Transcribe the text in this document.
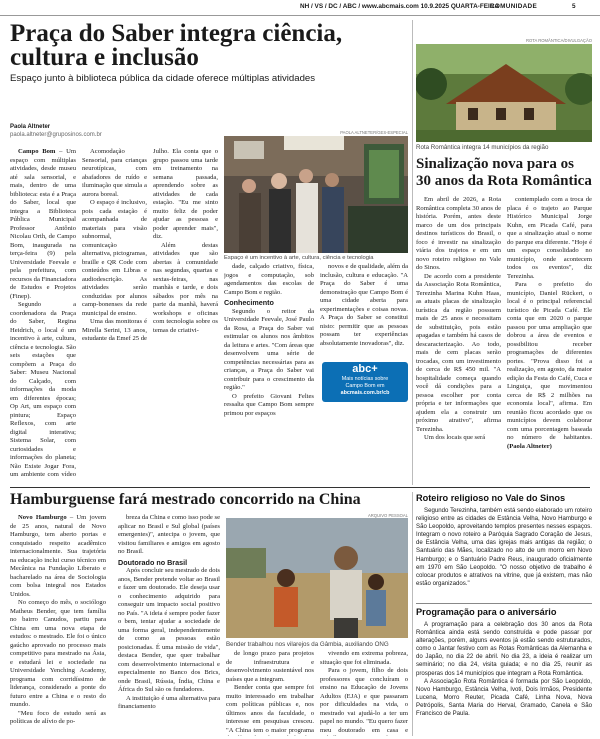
NH / VS / DC / ABC / www.abcmais.com 10.9.2025 QUARTA-FEIRA
COMUNIDADE	5
Praça do Saber integra ciência, cultura e inclusão
Espaço junto à biblioteca pública da cidade oferece múltiplas atividades
Paola Altneter
paola.altneter@gruposinos.com.br	PAOLA ALTNETER/GES-ESPECIAL
Espaço é um incentivo à arte, cultura, ciência e tecnologia

Campo Bom – Um espaço com múltiplas atividades, desde museu até sala sensorial, e mais, dentro de uma biblioteca: esta é a Praça do Saber, local que integra a Biblioteca Pública Municipal Professor Antônio Nicolau Orth, de Campo Bom, inaugurada na terça-feira (9) pela Universidade Feevale e pela prefeitura, com recursos da Financiadora de Estudos e Projetos (Finep).

Segundo a coordenadora da Praça do Saber, Regina Heidrich, o local é um incentivo à arte, cultura, ciência e tecnologia. São seis estações que compõem a Praça do Saber: Museu Nacional do Calçado, com informações da moda em diferentes épocas; Op Art, um espaço com pintura; Espaço Reflexos, com arte digital interativa; Sistema Solar, com curiosidades e informações do planeta; Não Existe Jogar Fora, um ambiente com vídeo

Acomodação Sensorial, para crianças neurotípicas, com abafadores de ruído e iluminação que simula a aurora boreal.

O espaço é inclusivo, pois cada estação é acompanhada de materiais para visão subnormal, comunicação alternativa, pictogramas, braille e QR Code com conteúdos em Libras e audiodescrição. As atividades serão conduzidas por alunos camp-bonenses da rede municipal de ensino.

Uma das monitoras é Mirella Serini, 13 anos, estudante da Emef 25 de Julho. Ela conta que o grupo passou uma tarde em treinamento na semana passada, aprendendo sobre as atividades de cada estação. "Eu me sinto muito feliz de poder ajudar as pessoas e poder aprender mais", diz.

Além destas atividades que são abertas à comunidade nas segundas, quartas e sextas-feiras, nas manhãs e tarde, e dois sábados por mês na parte da manhã, haverá workshops e oficinas com tecnologia sobre os temas de criativi-

dade, calçado criativo, física, jogos e computação, sob agendamentos das escolas de Campo Bom e região.

Conhecimento

Segundo o reitor da Universidade Feevale, José Paulo da Rosa, a Praça do Saber vai estimular os alunos nos âmbitos da leitura e artes. "Com áreas que desenvolvem uma série de competências necessárias para as crianças, a Praça do Saber vai contribuir para o crescimento da região."

O prefeito Giovani Feltes ressalta que Campo Bom sempre primou por espaços

novos e de qualidade, além da inclusão, cultura e educação. "A Praça do Saber é uma demonstração que Campo Bom é uma cidade aberta para experimentações e coisas novas. A Praça do Saber se constitui nisto: permitir que as pessoas possam ter experiências absolutamente inovadoras", diz.

abc+
Mais notícias sobre
Campo Bom em
abcmais.com.br/cb
ROTA ROMÂNTICA/DIVULGAÇÃO
Rota Romântica integra 14 municípios da região
Sinalização nova para os 30 anos da Rota Romântica

Em abril de 2026, a Rota Romântica completa 30 anos de história. Porém, antes deste marco de um dos principais destinos turísticos do Brasil, o foco é investir na sinalização viária dos trajetos e em um novo roteiro religioso no Vale do Sinos.

De acordo com a presidente da Associação Rota Romântica, Terezinha Marina Kuhn Haas, as atuais placas de sinalização turística da região possuem mais de 25 anos e necessitam de substituição, pois estão apagadas e também há casos de descaracterização. Ao todo, mais de cem placas serão trocadas, com um investimento de cerca de R$ 450 mil. "A hospitalidade começa quando você dá condições para a pessoa escolher por conta própria e ter informações que ajudem ela a construir um próximo atrativo", afirma Terezinha.

Um dos locais que será

contemplado com a troca de placa é o trajeto ao Parque Histórico Municipal Jorge Kuhn, em Picada Café, para que a sinalização atual o nome do parque era diferente. "Hoje é um espaço consolidado no município, onde acontecem todos os eventos", diz Terezinha.

Para o prefeito do município, Daniel Rückert, o local é o principal referencial turístico de Picada Café. Ele conta que em 2020 o parque passou por uma ampliação que dobrou a área de eventos e possibilitou receber programações de diferentes portes. "Prova disso foi a realização, em agosto, da maior edição da Festa do Café, Cuca e Linguiça, que movimentou cerca de R$ 2 milhões na economia local", afirma. Em reunião ficou acordado que os municípios devem colaborar com uma porcentagem baseada no número de habitantes. (Paola Altneter)

Hamburguense fará mestrado concorrido na China
ARQUIVO PESSOAL
Bender trabalhou nos vilarejos da Gâmbia, auxiliando ONG

Novo Hamburgo – Um jovem de 25 anos, natural de Novo Hamburgo, tem aberto portas e conquistado respeito acadêmico internacionalmente. Sua trajetória na educação inclui curso técnico em Mecânica na Fundação Liberato e bacharelado na área de Sociologia com bolsa integral nos Estados Unidos.

No começo do mês, o sociólogo Matheus Bender, que tem família no bairro Canudos, partiu para China em uma nova etapa de estudos: o mestrado. Ele foi o único gaúcho aprovado no processo mais competitivo para mestrado na Ásia, e estudará lei e sociedade na Universidade Yenching Academy, programa com corridíssimo de liderança, considerado a ponte do futuro entre a China e o resto do mundo.

"Meu foco de estudo será as políticas de alívio de po-

breza da China e como isso pode se aplicar no Brasil e Sul global (países emergentes)", antecipa o jovem, que visitou familiares e amigos em agosto no Brasil.

Doutorado no Brasil

Após concluir seu mestrado de dois anos, Bender pretende voltar ao Brasil e fazer um doutorado. Ele deseja usar o conhecimento adquirido para conseguir um impacto social positivo no País. "A ideia é sempre poder fazer o bem, tentar ajudar a sociedade de uma forma geral, independentemente de como as pessoas estão posicionadas. É uma missão de vida", destaca Bender, que quer trabalhar com desenvolvimento internacional e especialmente no Banco dos Brics, onde Brasil, Rússia, Índia, China e África do Sul são os fundadores.

A instituição é uma alternativa para financiamento

de longo prazo para projetos de infraestrutura e desenvolvimento sustentável nos países que a integram.

Bender conta que sempre foi muito interessado em trabalhar com políticas públicas e, nos últimos anos da faculdade, o interesse em pesquisas cresceu. "A China tem o maior programa

vivendo em extrema pobreza, situação que foi eliminada.

Para o jovem, filho de dois professores que concluíram o ensino na Educação de Jovens Adultos (EJA) e que passaram por dificuldades na vida, o mestrado vai ajudá-lo a ter um papel no mundo. "Eu quero fazer meu doutorado em casa e

Roteiro religioso no Vale do Sinos

Segundo Terezinha, também está sendo elaborado um roteiro religioso entre as cidades de Estância Velha, Novo Hamburgo e São Leopoldo, aproveitando templos presentes nesses espaços. Integram o novo roteiro a Paróquia Sagrado Coração de Jesus, de Estância Velha, uma das igrejas mais antigas da região; o Santuário das Mães, localizado no alto de um morro em Novo Hamburgo; e o Santuário Padre Reus, inaugurado oficialmente em 1970 em São Leopoldo. "O nosso objetivo de trabalho é colocar produtos e atrativos na vitrine, que já existem, mas não estão organizados."

Programação para o aniversário

A programação para a celebração dos 30 anos da Rota Romântica ainda está sendo construída e pode passar por alterações, porém, alguns eventos já estão sendo estruturados, como o Jantar festivo com as Rotas Românticas da Alemanha e do Japão, no dia 22 de abril. No dia 23, a ideia é realizar um seminário; no dia 24, visita guiada; e no dia 25, reunir as prosperas dos 14 municípios que integram a Rota Romântica.

A Associação Rota Romântica é formada por São Leopoldo, Novo Hamburgo, Estância Velha, Ivoti, Dois Irmãos, Presidente Lucena, Morro Reuter, Picada Café, Linha Nova, Nova Petrópolis, Santa Maria do Herval, Gramado, Canela e São Francisco de Paula.
